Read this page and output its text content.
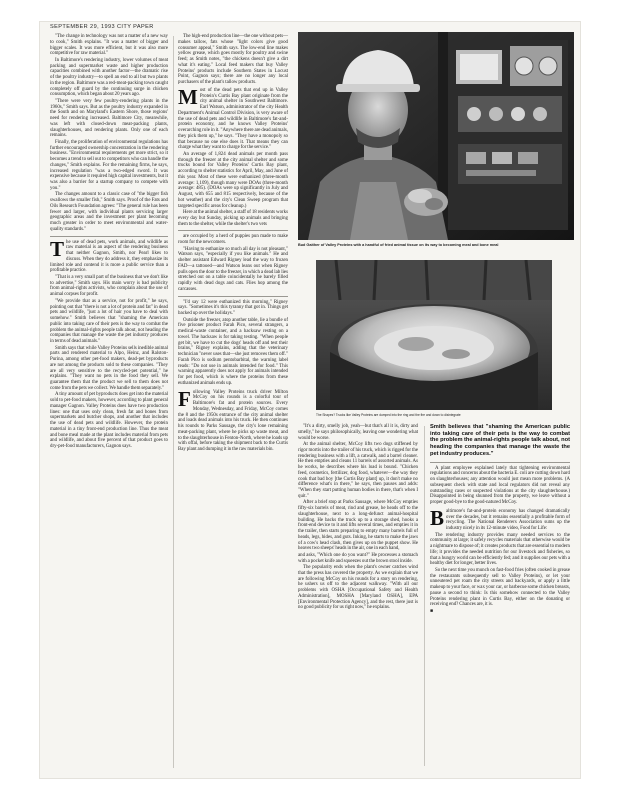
SEPTEMBER 29, 1993 CITY PAPER

"The change in technology was not a matter of a new way to cook," Smith explains. "It was a matter of bigger and bigger scales. It was more efficient, but it was also more competitive for raw material."

In Baltimore's rendering industry, lower volumes of meat packing and supermarket waste and higher production capacities combined with another factor—the dramatic rise of the poultry industry—to spell an end to all but two plants in the region. Baltimore was a red-meat-packing town caught completely off guard by the continuing surge in chicken consumption, which began about 20 years ago.

"There were very few poultry-rendering plants in the 1960s," Smith says. But as the poultry industry expanded in the South and on Maryland's Eastern Shore, those regions' need for rendering increased. Baltimore City, meanwhile, was left with closed-down meat-packing plants, slaughterhouses, and rendering plants. Only one of each remains.

Finally, the proliferation of environmental regulations has further encouraged ownership concentration in the rendering business. "Environmental requirements get more strict, so it becomes a trend to sell out to competitors who can handle the changes," Smith explains. For the remaining firms, he says, increased regulation "was a two-edged sword. It was expensive because it required high capital investments, but it was also a barrier for a startup company to compete with you."

The changes amount to a classic case of "the bigger fish swallows the smaller fish," Smith says. Proof of the Fats and Oils Research Foundation agrees: "The general rule has been fewer and larger, with individual plants servicing larger geographic areas and the investment per plant becoming much greater in order to meet environmental and water-quality standards."

T he use of dead pets, work animals, and wildlife as raw material is an aspect of the rendering business that neither Gagnon, Smith, nor Pearl likes to discuss. When they do address it, they emphasize its limited role and contend it is more a public service than a profitable practice.

"That is a very small part of the business that we don't like to advertise," Smith says. His main worry is bad publicity from animal-rights activists, who complain about the use of animal corpses for profit.

"We provide that as a service, not for profit," he says, pointing out that "there is not a lot of protein and fat" in dead pets and wildlife, "just a lot of hair you have to deal with somehow." Smith believes that "shaming the American public into taking care of their pets is the way to combat the problem the animal-rights people talk about, not heading the companies that manage the waste the pet industry produces in terms of dead animals."

Smith says that while Valley Proteins sells inedible animal parts and rendered material to Alpo, Heinz, and Ralston-Purina, among other pet-food makers, dead-pet byproducts are not among the products sold to these companies. "They are all very sensitive to the recycled-pet potential," he explains. "They want no pets in the food they sell. We guarantee them that the product we sell to them does not come from the pets we collect. We handle them separately."

A tiny amount of pet byproducts does get into the material sold to pet-food makers, however, according to plant general manager Gagnon. Valley Proteins does have two production lines: one that uses only clean, fresh fat and bones from supermarkets and butcher shops, and another that includes the use of dead pets and wildlife. However, the protein material in a tiny front-end production line. Thus the meat and bone meal made at the plant includes material from pets and wildlife, and about five percent of that product goes to dry-pet-food manufacturers, Gagnon says.

The high-end production line—the one without pets—makes tallow, fats whose "light colors give good consumer appeal," Smith says. The low-end line makes yellow grease, which goes mostly for poultry and swine feed; as Smith notes, "the chickens doesn't give a dirt what it's eating." Local feed makers that buy Valley Proteins' products include Southern States in Locust Point, Gagnon says; there are no longer any local purchasers of the plant's tallow products.

M ost of the dead pets that end up in Valley Protein's Curtis Bay plant originate from the city animal shelter in Southwest Baltimore. Earl Watson, administrator of the city Health Department's Animal Control Division, is very aware of the use of dead pets and wildlife in Baltimore's fat-and-protein economy, and he knows Valley Proteins' overarching role in it. "Anywhere there are dead animals, they pick them up," he says. "They have a monopoly so that because no one else does it. That means they can charge what they want to charge for the service."

An average of 1,824 dead animals per month pass through the freezer at the city animal shelter and some trucks bound for Valley Proteins' Curtis Bay plant, according to shelter statistics for April, May, and June of this year. Most of these were euthanized (three-month average: 1,109), though many were DOAs (three-month average: 485). (DOAs were up significantly in July and August, with 655 and 815 respectively, because of the hot weather) and the city's Clean Sweep program that targeted specific areas for cleanup.)

Here at the animal shelter, a staff of 18 residents works every day but Sunday, picking up animals and bringing them to the shelter, while the shelter's two vets

are occupied by a herd of puppies pun made to make room for the newcomers.

"Having to euthanize so much all day is not pleasant," Watson says, "especially if you like animals." He and shelter assistant Edward Rigney lead the way to frozen FAD—a tattooed—and Watson leans out when Rigney pulls open the door to the freezer, in which a dead lab lies stretched out on a table coincidentally he barely filled rapidly with dead dogs and cats. Flies hop among the carcasses.

"I'd say 12 were euthanized this morning," Rigney says. "Sometimes it's this tyranny that got in. Things get backed up over the holidays."

Outside the freezer, atop another table, lie a bundle of five prisoner product Farah Pico, several strangers, a medical-waste container, and a hacksaw resting on a towel. The hacksaw is for taking testing. "When people get bit, we have to cut the dogs' heads off and test their brains," Rigney explains, adding that the veterinary technician "never uses that—she just removes them off." Farah Pico is sodium pentobarbital, the warning label reads: "Do not use in animals intended for food." This warning apparently does not apply for animals intended for pet food, which is where the proteins from these euthanized animals ends up.

F ollowing Valley Proteins truck driver Milton McCoy on his rounds is a colorful tour of Baltimore's fat and protein sources. Every Monday, Wednesday, and Friday, McCoy comes the 8 and the 1950s entrance of the city animal shelter and loads dead animals into his truck. He then continues his rounds to Parks Sausage, the city's lone remaining meat-packing plant, where he picks up waste meat, and to the slaughterhouse in Fenton-North, where he loads up with offal, before taking the shipment back to the Curtis Bay plant and dumping it in the raw materials bin.

Bud Gaither of Valley Proteins with a handful of fried animal tissue on its way to becoming meal and bone meal
The Shapes? Trucks like Valley Proteins are dumped into the ring and the fire and down to disintegrate

"It's a dirty, smelly job, yeah—but that's all it is, dirty and smelly," he says philosophically, leaving one wondering what would be worse.

At the animal shelter, McCoy lifts two dogs stiffened by rigor mortis into the trailer of his truck, which is rigged for the rendering business with a lift, a catwalk, and a barrel cleaner. He then empties and cleans 11 barrels of assorted animals. As he works, he describes where his load is bound. "Chicken feed, cosmetics, fertilizer, dog food, whatever—the way they cook that bad boy [the Curtis Bay plant] up, it don't make no difference what's in there," he says, then pauses and adds: "When they start putting human bodies in there, that's when I quit."

After a brief stop at Parks Sausage, where McCoy empties fifty-six barrels of meat, rind and grease, he heads off to the slaughterhouse, next to a long-defunct animal-hospital building. He backs the truck up to a storage shed, hooks a front-end device to it and lifts several times, and empties it in the trailer, then starts preparing to empty many barrels full of heads, legs, hides, and guts. Inking, he starts to make the jaws of a cow's head clash, then gives up on the puppet show. He heaves two sheeps' heads in the air, one in each hand,

and asks, "Which one do you want?" He processes a stomach with a pocket knife and squeezes out the brown stool inside.

The popularity ends when the plant's owner catches wind that the press has covered the property. As we explain that we are following McCoy on his rounds for a story on rendering, he ushers us off to the adjacent walkway. "With all our problems with OSHA [Occupational Safety and Health Administration], MOSHA [Maryland OSHA], EPA [Environmental Protection Agency], and the rest, there just is no good publicity for us right now," he explains.

Smith believes that "shaming the American public into taking care of their pets is the way to combat the problem the animal-rights people talk about, not heading the companies that manage the waste the pet industry produces."

A plant employee explained lately that tightening environmental regulations and concerns about the bacteria E. coli are cutting down hard on slaughterhouses; any attention would just mean more problems. (A subsequent check with state and local regulators did not reveal any outstanding cases or suspected violations at the city slaughterhouse.) Disappointed in being shunned from the property, we leave without a proper good-bye to the good-natured McCoy.

B altimore's fat-and-protein economy has changed dramatically over the decades, but it remains essentially a profitable form of recycling. The National Renderers Association sums up the industry nicely in its 12-minute video, Food for Life:

The rendering industry provides many needed services to the community at large; it safely recycles materials that otherwise would be a nightmare to dispose of; it creates products that are essential to modern life; it provides the needed nutrition for our livestock and fisheries, so that a hungry world can be efficiently fed; and it supplies our pets with a healthy diet for longer, better lives.

So the next time you munch on fast-food fries (often cooked in grease the restaurants subsequently sell to Valley Proteins), or let your unneutered pet roam the city streets and backyards, or apply a little makeup to your face, or wax your car, or barbecue some chicken breasts, pause a second to think: Is this somehow connected to the Valley Proteins rendering plant in Curtis Bay, either on the donating or receiving end? Chances are, it is.

■
